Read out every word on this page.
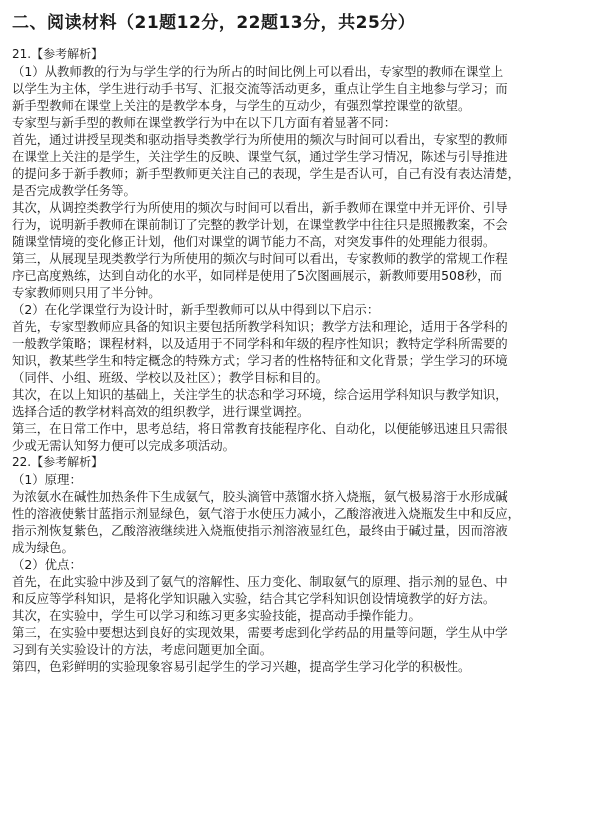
二、阅读材料（21题12分，22题13分，共25分）
21.【参考解析】
（1）从教师教的行为与学生学的行为所占的时间比例上可以看出，专家型的教师在课堂上
以学生为主体，学生进行动手书写、汇报交流等活动更多，重点让学生自主地参与学习；而
新手型教师在课堂上关注的是教学本身，与学生的互动少，有强烈掌控课堂的欲望。
专家型与新手型的教师在课堂教学行为中在以下几方面有着显著不同：
首先，通过讲授呈现类和驱动指导类教学行为所使用的频次与时间可以看出，专家型的教师
在课堂上关注的是学生，关注学生的反映、课堂气氛，通过学生学习情况，陈述与引导推进
的提问多于新手教师；新手型教师更关注自己的表现，学生是否认可，自己有没有表达清楚，
是否完成教学任务等。
其次，从调控类教学行为所使用的频次与时间可以看出，新手教师在课堂中并无评价、引导
行为，说明新手教师在课前制订了完整的教学计划，在课堂教学中往往只是照搬教案，不会
随课堂情境的变化修正计划，他们对课堂的调节能力不高，对突发事件的处理能力很弱。
第三，从展现呈现类教学行为所使用的频次与时间可以看出，专家教师的教学的常规工作程
序已高度熟练，达到自动化的水平，如同样是使用了5次图画展示，新教师要用508秒，而
专家教师则只用了半分钟。
（2）在化学课堂行为设计时，新手型教师可以从中得到以下启示：
首先，专家型教师应具备的知识主要包括所教学科知识；教学方法和理论，适用于各学科的
一般教学策略；课程材料，以及适用于不同学科和年级的程序性知识；教特定学科所需要的
知识，教某些学生和特定概念的特殊方式；学习者的性格特征和文化背景；学生学习的环境
（同伴、小组、班级、学校以及社区）；教学目标和目的。
其次，在以上知识的基础上，关注学生的状态和学习环境，综合运用学科知识与教学知识，
选择合适的教学材料高效的组织教学，进行课堂调控。
第三，在日常工作中，思考总结，将日常教育技能程序化、自动化，以便能够迅速且只需很
少或无需认知努力便可以完成多项活动。
22.【参考解析】
（1）原理：
为浓氨水在碱性加热条件下生成氨气，胶头滴管中蒸馏水挤入烧瓶，氨气极易溶于水形成碱
性的溶液使紫甘蓝指示剂显绿色，氨气溶于水使压力减小，乙酸溶液进入烧瓶发生中和反应，
指示剂恢复紫色，乙酸溶液继续进入烧瓶使指示剂溶液显红色，最终由于碱过量，因而溶液
成为绿色。
（2）优点：
首先，在此实验中涉及到了氨气的溶解性、压力变化、制取氨气的原理、指示剂的显色、中
和反应等学科知识，是将化学知识融入实验，结合其它学科知识创设情境教学的好方法。
其次，在实验中，学生可以学习和练习更多实验技能，提高动手操作能力。
第三，在实验中要想达到良好的实现效果，需要考虑到化学药品的用量等问题，学生从中学
习到有关实验设计的方法，考虑问题更加全面。
第四，色彩鲜明的实验现象容易引起学生的学习兴趣，提高学生学习化学的积极性。
